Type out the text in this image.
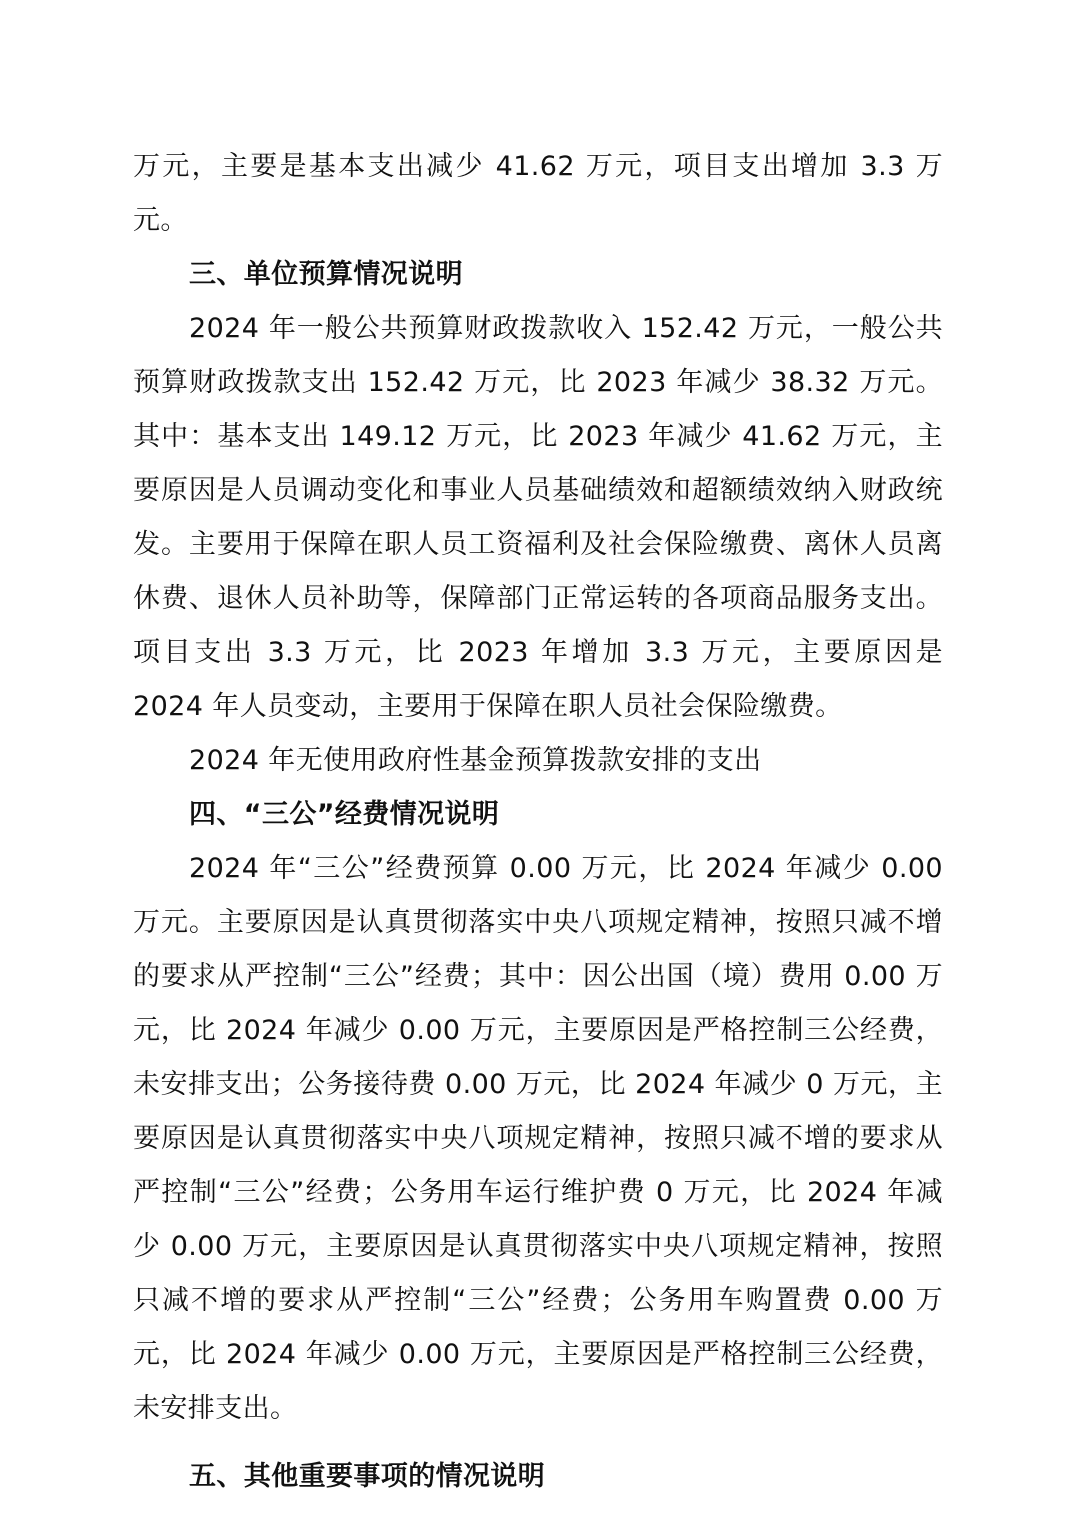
万元，主要是基本支出减少 41.62 万元，项目支出增加 3.3 万元。

三、单位预算情况说明

2024 年一般公共预算财政拨款收入 152.42 万元，一般公共预算财政拨款支出 152.42 万元，比 2023 年减少 38.32 万元。其中：基本支出 149.12 万元，比 2023 年减少 41.62 万元，主要原因是人员调动变化和事业人员基础绩效和超额绩效纳入财政统发。主要用于保障在职人员工资福利及社会保险缴费、离休人员离休费、退休人员补助等，保障部门正常运转的各项商品服务支出。项目支出 3.3 万元，比 2023 年增加 3.3 万元，主要原因是 2024 年人员变动，主要用于保障在职人员社会保险缴费。

2024 年无使用政府性基金预算拨款安排的支出

四、“三公”经费情况说明

2024 年“三公”经费预算 0.00 万元，比 2024 年减少 0.00 万元。主要原因是认真贯彻落实中央八项规定精神，按照只减不增的要求从严控制“三公”经费；其中：因公出国（境）费用 0.00 万元，比 2024 年减少 0.00 万元，主要原因是严格控制三公经费，未安排支出；公务接待费 0.00 万元，比 2024 年减少 0 万元，主要原因是认真贯彻落实中央八项规定精神，按照只减不增的要求从严控制“三公”经费；公务用车运行维护费 0 万元，比 2024 年减少 0.00 万元，主要原因是认真贯彻落实中央八项规定精神，按照只减不增的要求从严控制“三公”经费；公务用车购置费 0.00 万元，比 2024 年减少 0.00 万元，主要原因是严格控制三公经费，未安排支出。

五、其他重要事项的情况说明
